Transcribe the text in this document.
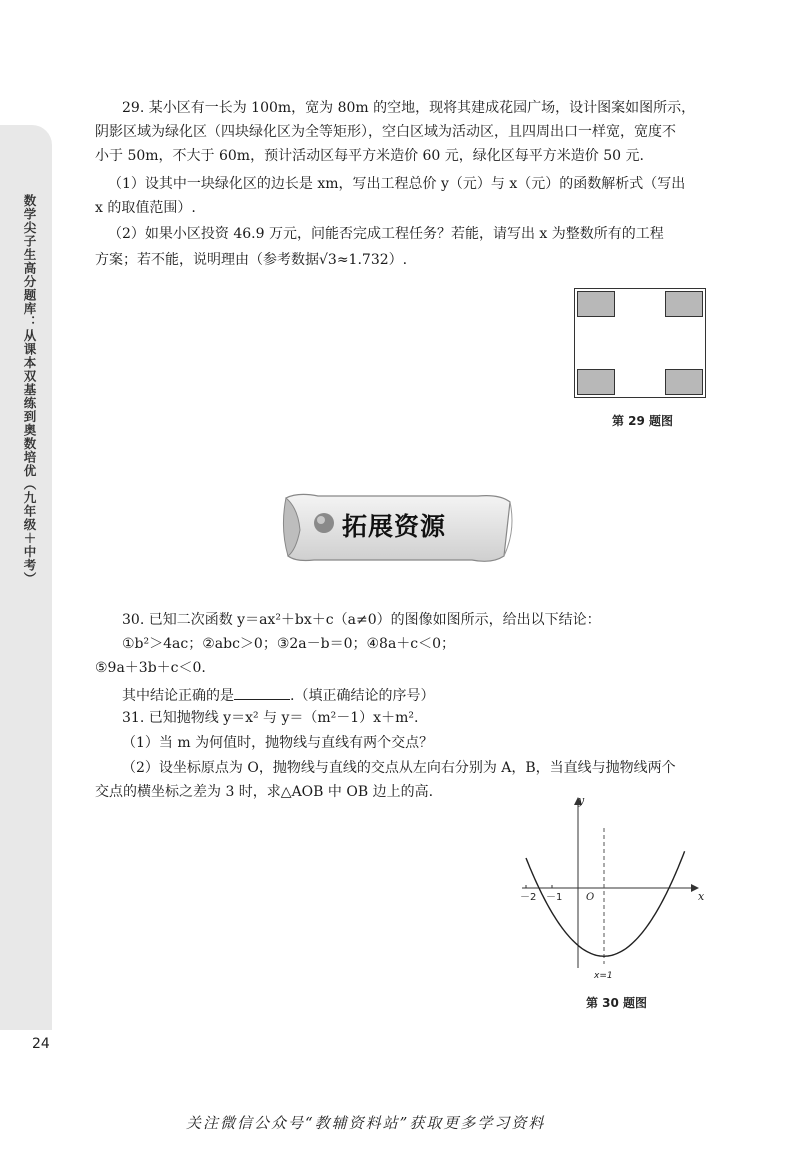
数学尖子生高分题库：从课本双基练到奥数培优（九年级＋中考）
24

29. 某小区有一长为 100m，宽为 80m 的空地，现将其建成花园广场，设计图案如图所示，

阴影区域为绿化区（四块绿化区为全等矩形），空白区域为活动区，且四周出口一样宽，宽度不

小于 50m，不大于 60m，预计活动区每平方米造价 60 元，绿化区每平方米造价 50 元.

（1）设其中一块绿化区的边长是 xm，写出工程总价 y（元）与 x（元）的函数解析式（写出

x 的取值范围）.

（2）如果小区投资 46.9 万元，问能否完成工程任务？若能，请写出 x 为整数所有的工程

方案；若不能，说明理由（参考数据√3≈1.732）.

第 29 题图
拓展资源

30. 已知二次函数 y＝ax²＋bx＋c（a≠0）的图像如图所示，给出以下结论：

①b²＞4ac；②abc＞0；③2a－b＝0；④8a＋c＜0；

⑤9a＋3b＋c＜0.

其中结论正确的是	.（填正确结论的序号）

31. 已知抛物线 y＝x² 与 y＝（m²－1）x＋m².

（1）当 m 为何值时，抛物线与直线有两个交点？

（2）设坐标原点为 O，抛物线与直线的交点从左向右分别为 A，B，当直线与抛物线两个

交点的横坐标之差为 3 时，求△AOB 中 OB 边上的高.

y
x
O
－2 －1
x=1
第 30 题图
关注微信公众号“教辅资料站”获取更多学习资料
